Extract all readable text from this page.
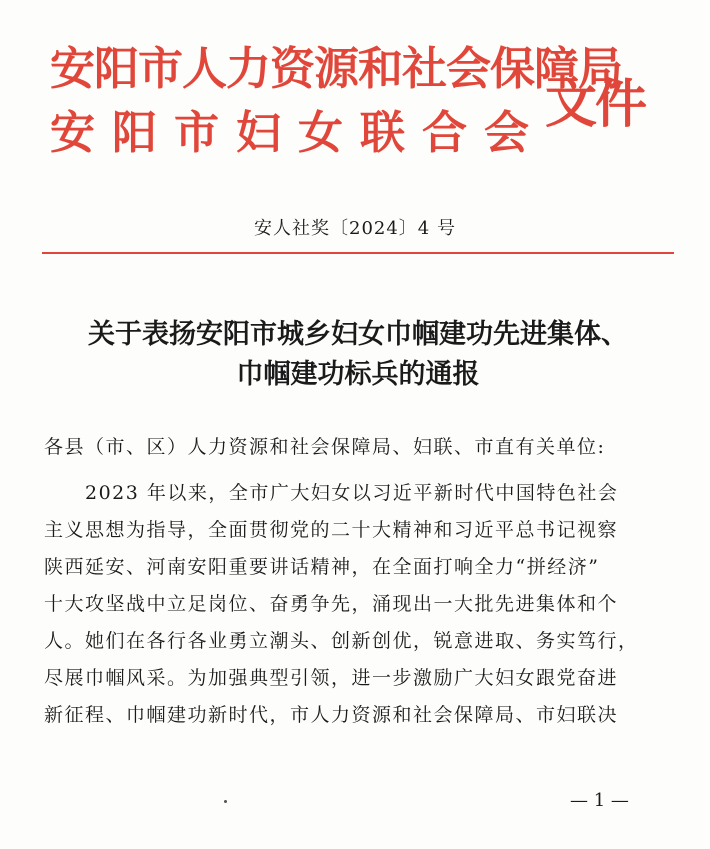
安阳市人力资源和社会保障局
安阳市妇女联合会
文件
安人社奖〔2024〕4 号
关于表扬安阳市城乡妇女巾帼建功先进集体、
巾帼建功标兵的通报
各县（市、区）人力资源和社会保障局、妇联、市直有关单位:
　　2023 年以来，全市广大妇女以习近平新时代中国特色社会
主义思想为指导，全面贯彻党的二十大精神和习近平总书记视察
陕西延安、河南安阳重要讲话精神，在全面打响全力“拼经济”
十大攻坚战中立足岗位、奋勇争先，涌现出一大批先进集体和个
人。她们在各行各业勇立潮头、创新创优，锐意进取、务实笃行，
尽展巾帼风采。为加强典型引领，进一步激励广大妇女跟党奋进
新征程、巾帼建功新时代，市人力资源和社会保障局、市妇联决
— 1 —
